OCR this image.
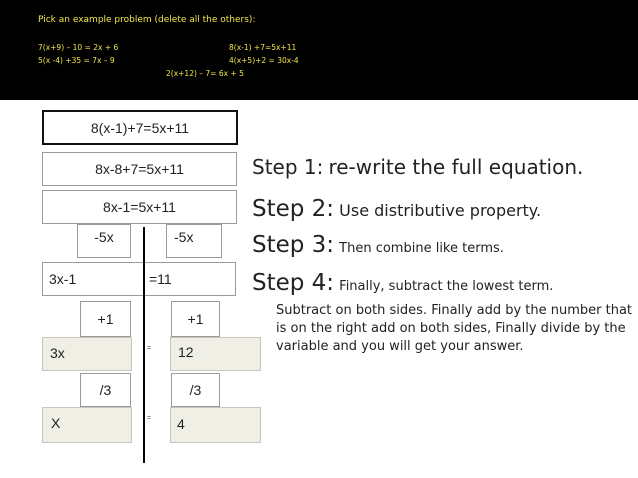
Pick an example problem (delete all the others):
7(x+9) – 10 = 2x + 6
5(x -4) +35 = 7x – 9
8(x-1) +7=5x+11
4(x+5)+2 = 30x-4
2(x+12) – 7= 6x + 5
8(x-1)+7=5x+11
8x-8+7=5x+11
8x-1=5x+11
-5x	-5x
3x-1	=11
+1	+1
3x	12
/3	/3
X	4
=
=
Step 1: re-write the full equation.
Step 2: Use distributive property.
Step 3: Then combine like terms.
Step 4: Finally, subtract the lowest term.
Subtract on both sides. Finally add by the number that is on the right add on both sides, Finally divide by the variable and you will get your answer.
